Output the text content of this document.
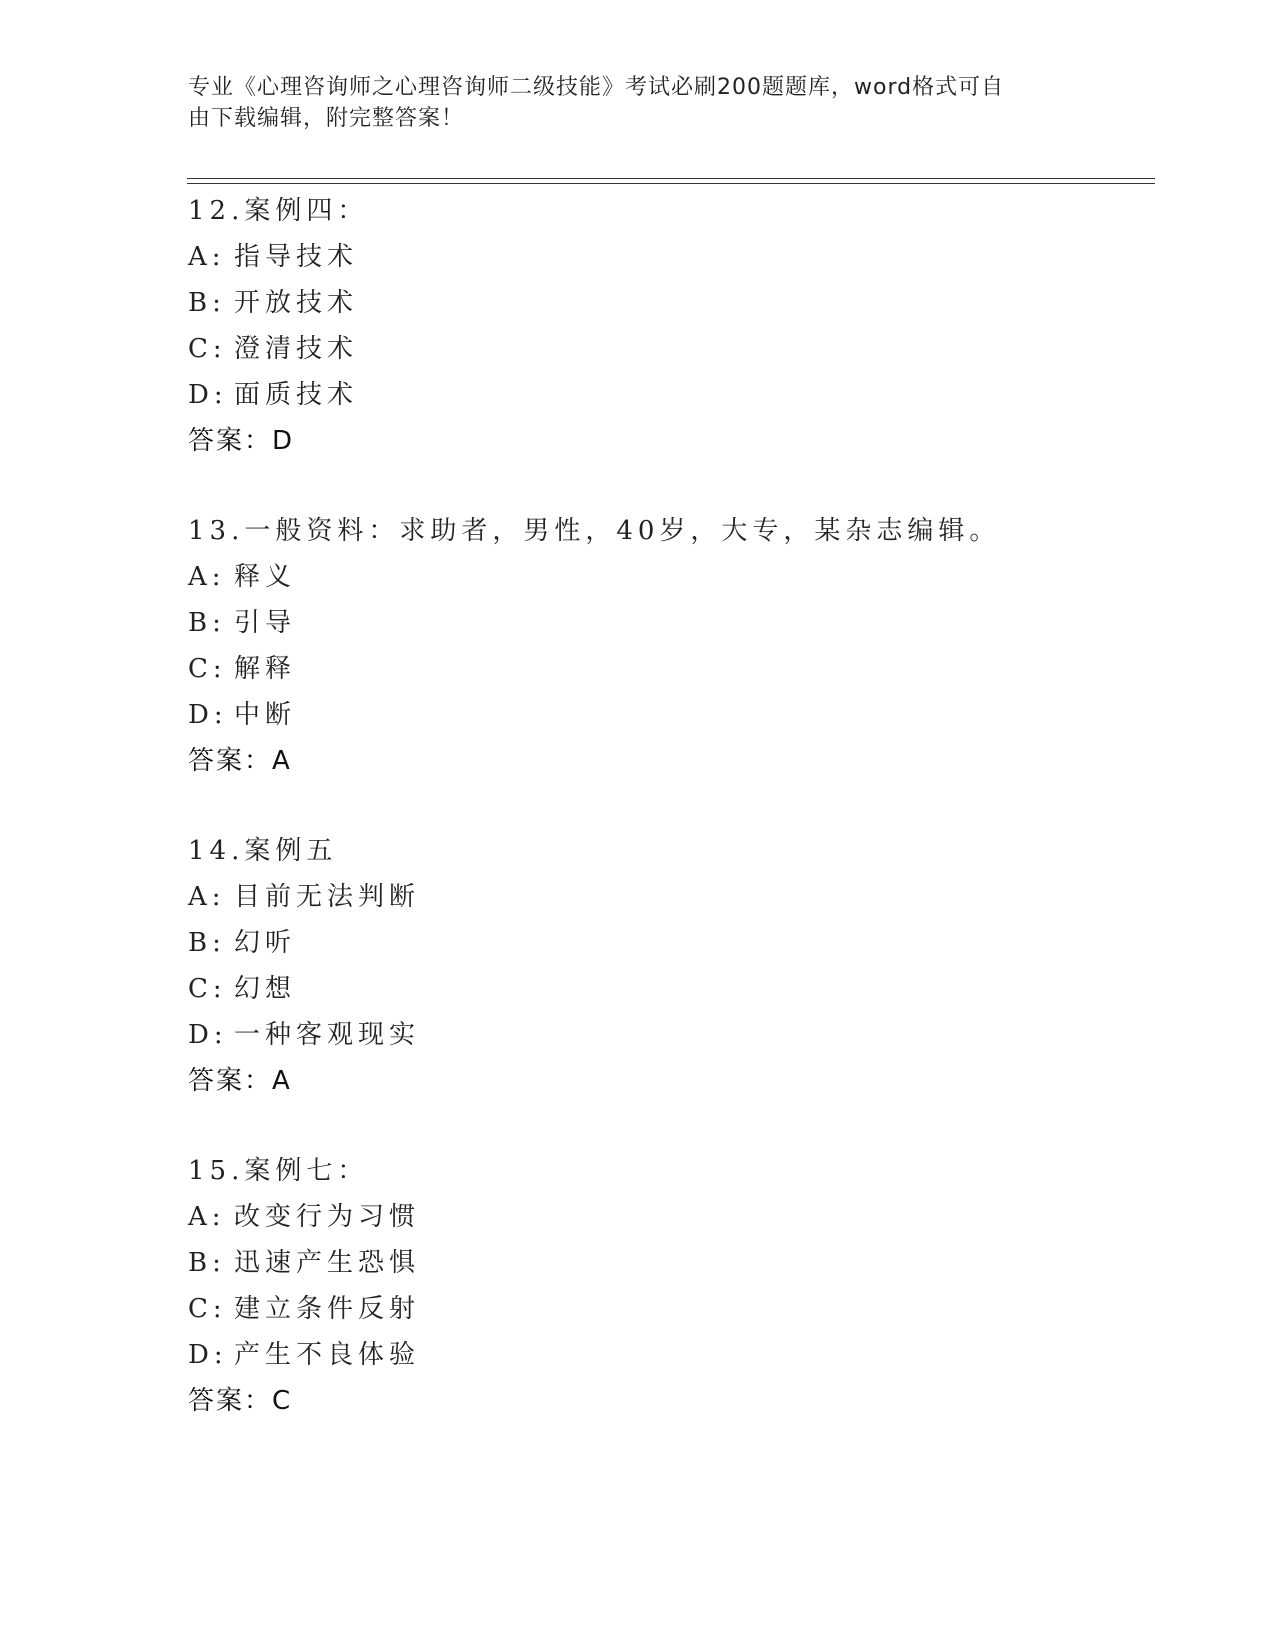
专业《心理咨询师之心理咨询师二级技能》考试必刷200题题库，word格式可自
由下载编辑，附完整答案！
12.案例四：
A: 指导技术
B: 开放技术
C: 澄清技术
D: 面质技术
答案：D
13.一般资料：求助者，男性，40岁，大专，某杂志编辑。
A: 释义
B: 引导
C: 解释
D: 中断
答案：A
14.案例五
A: 目前无法判断
B: 幻听
C: 幻想
D: 一种客观现实
答案：A
15.案例七：
A: 改变行为习惯
B: 迅速产生恐惧
C: 建立条件反射
D: 产生不良体验
答案：C
